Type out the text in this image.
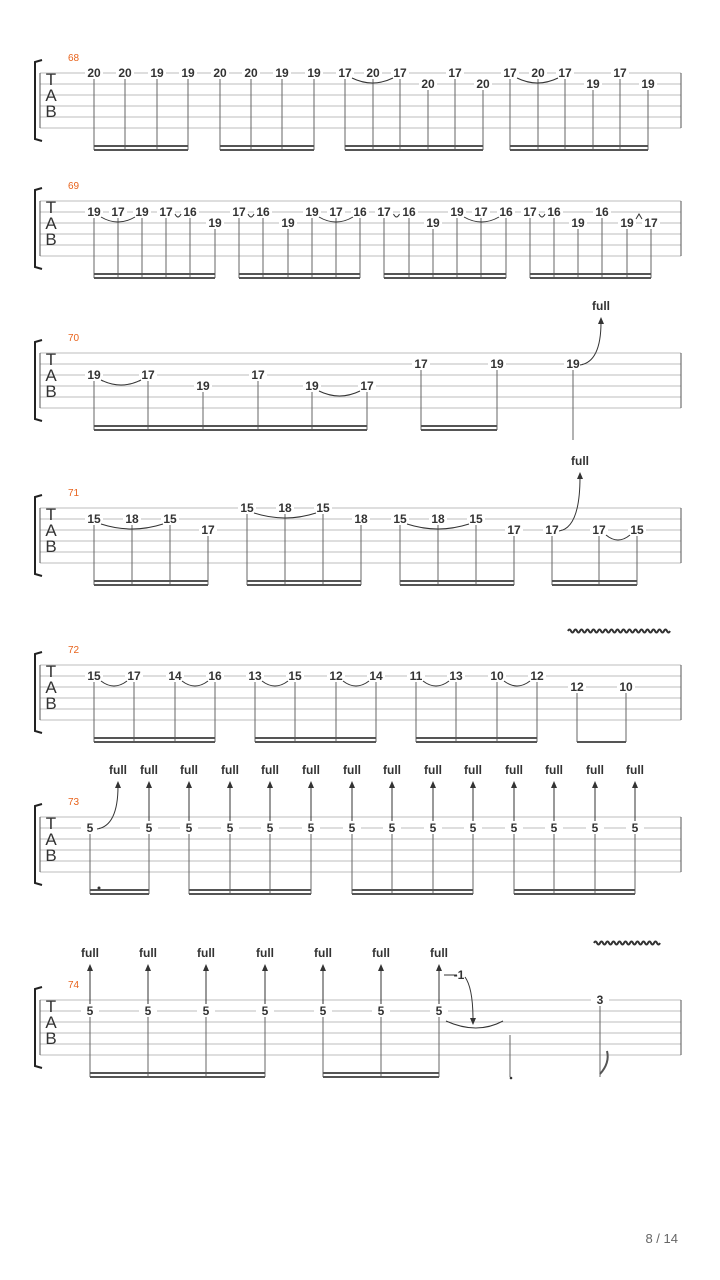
T
A
B
68
20 20 19 19 20 20 19 19 17 20 17
20
17
20
17 20 17
19
17
19
T
A
B
69
19 17 19 17 16
19
17 16
19
19 17 16 17 16
19
19 17 16 17 16
19
16
19 17
T
A
B
70
19	17
19
17
19	17
17	19	19
full
T
A
B
71
15 18 15
17
15 18 15
18 15 18 15
17 17	17 15
full
T
A
B
72
15 17 14 16 13 15 12 14 11 13 10 12
12	10
T
A
B
73
5	5	5	5	5	5	5	5	5	5	5	5	5	5
full full full full full full full full full full full full full full
T
A
B
74
5	5	5	5	5	5	5
3
full	full	full	full	full	full	full
-1
8 / 14
